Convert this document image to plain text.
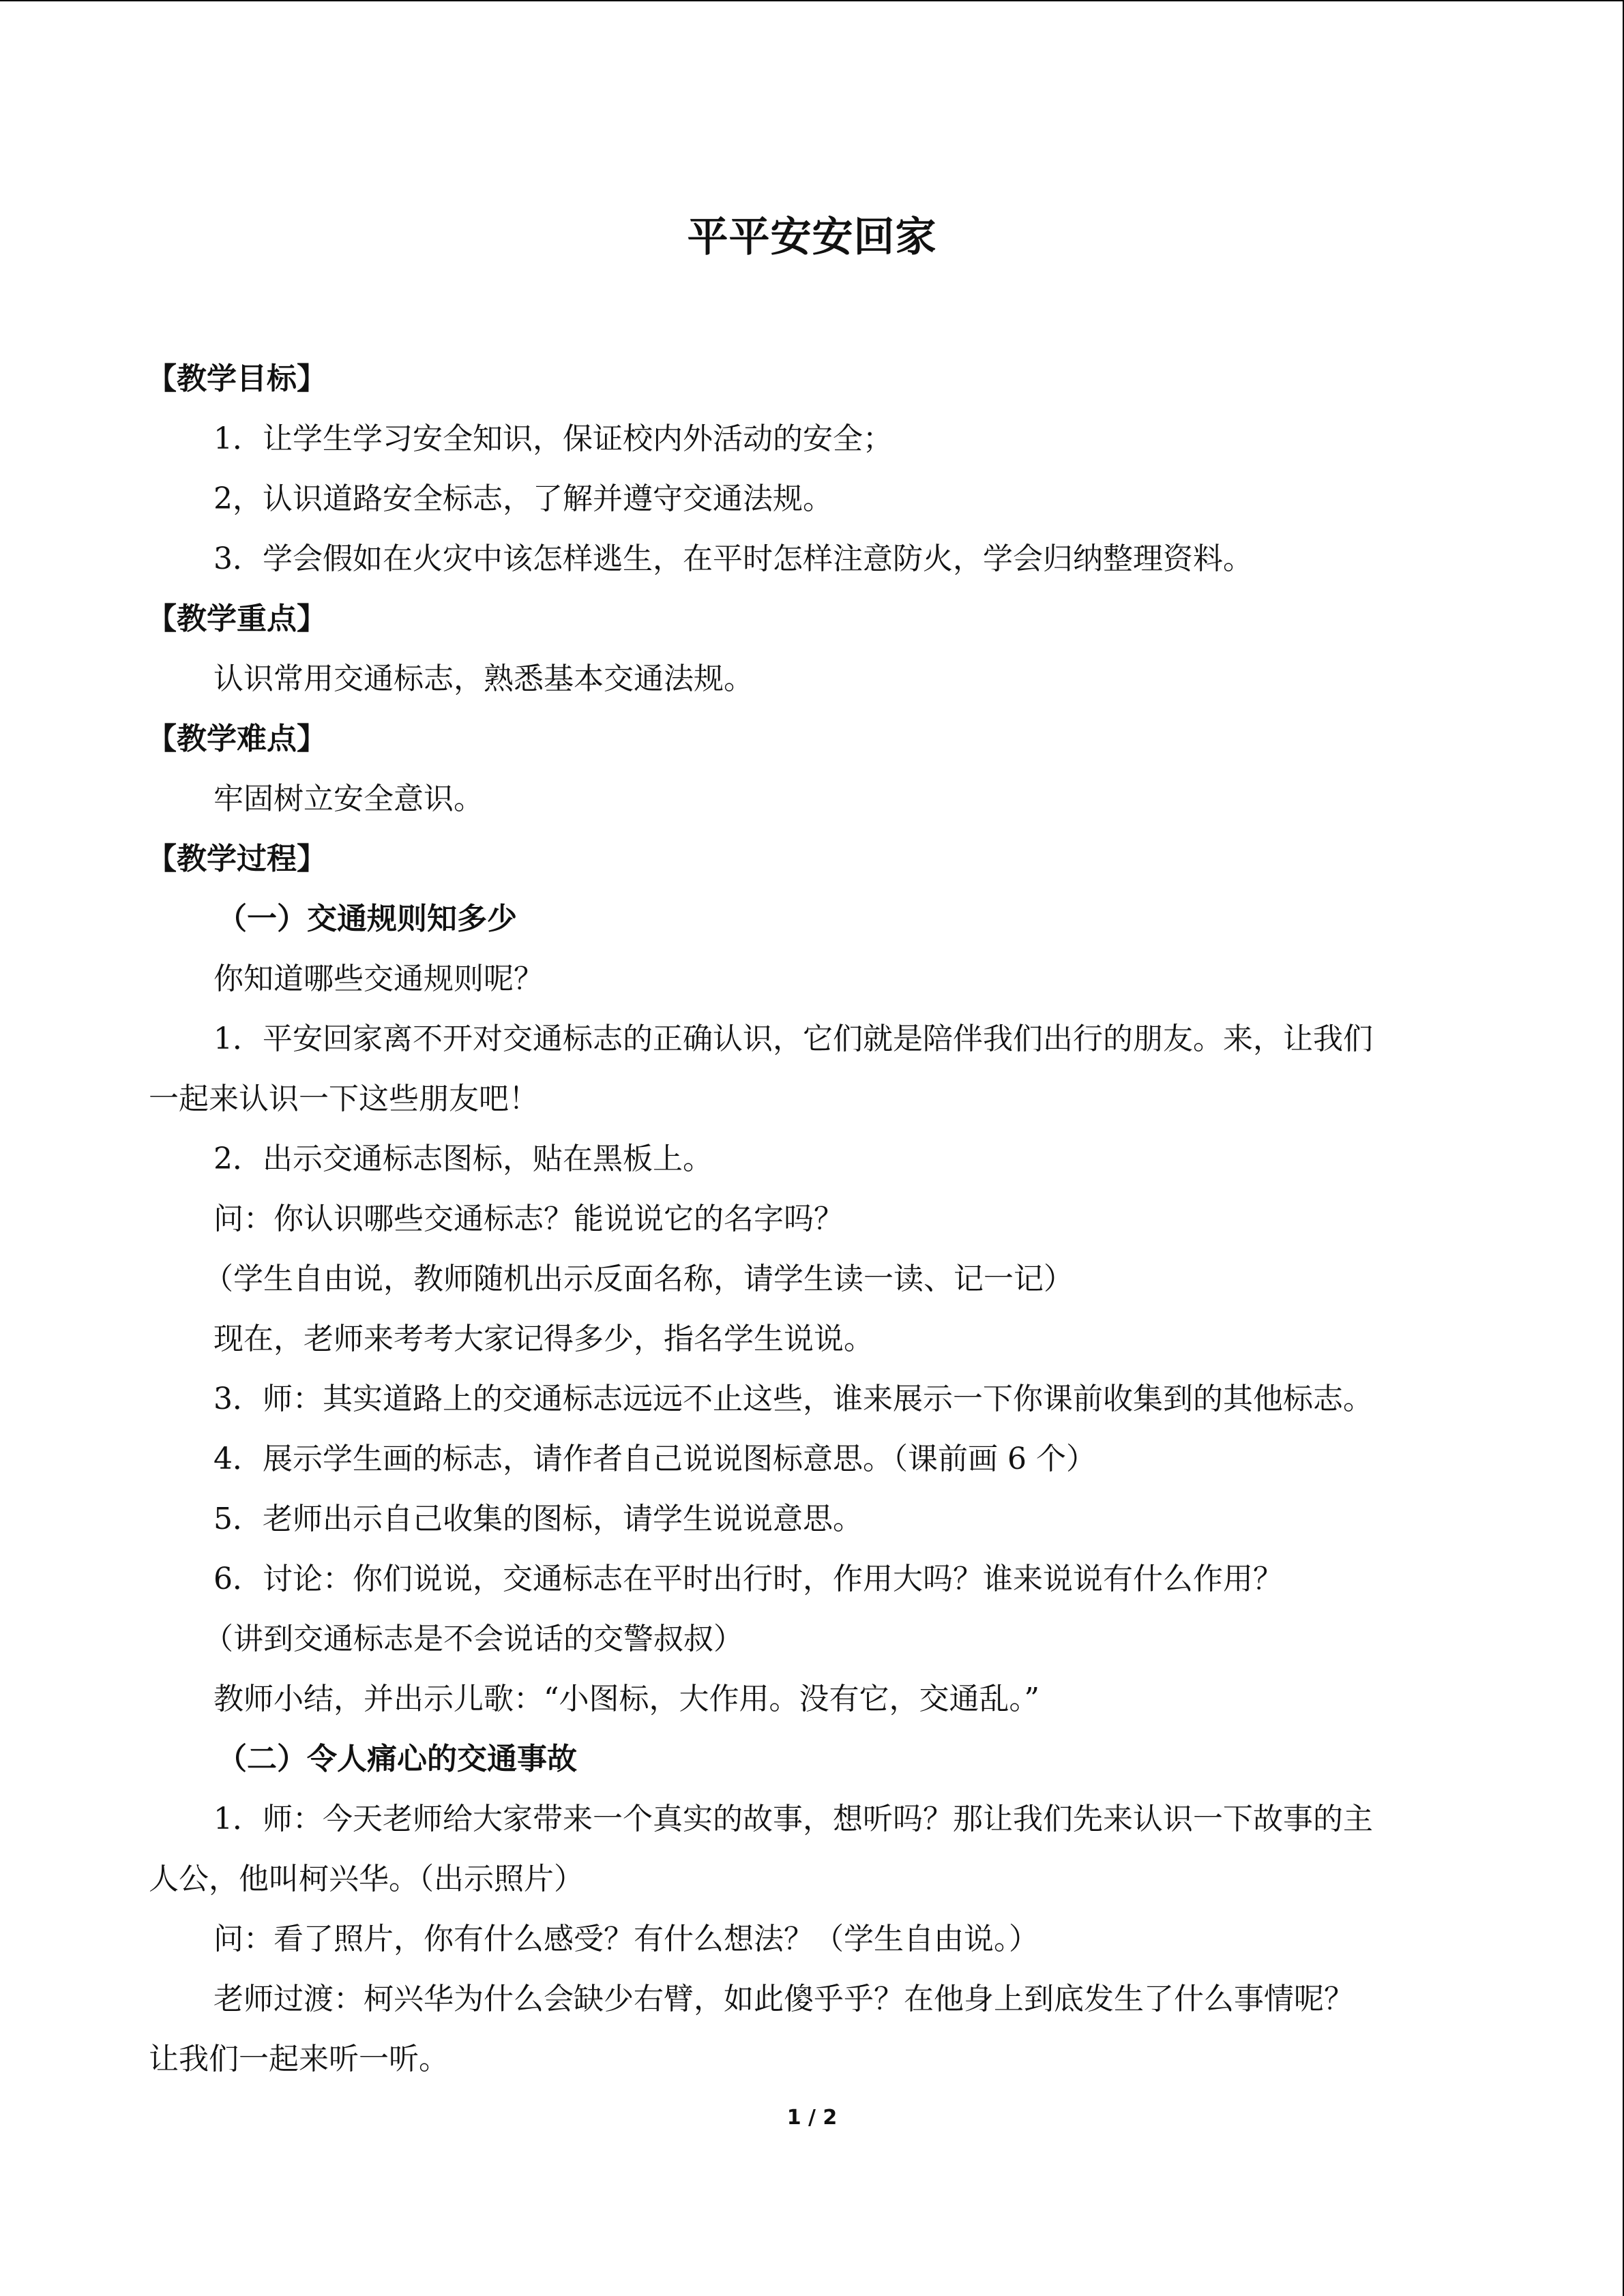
平平安安回家
【教学目标】
1．让学生学习安全知识，保证校内外活动的安全；
2，认识道路安全标志，了解并遵守交通法规。
3．学会假如在火灾中该怎样逃生，在平时怎样注意防火，学会归纳整理资料。
【教学重点】
认识常用交通标志，熟悉基本交通法规。
【教学难点】
牢固树立安全意识。
【教学过程】
（一）交通规则知多少
你知道哪些交通规则呢？
1．平安回家离不开对交通标志的正确认识，它们就是陪伴我们出行的朋友。来，让我们
一起来认识一下这些朋友吧！
2．出示交通标志图标，贴在黑板上。
问：你认识哪些交通标志？能说说它的名字吗？
（学生自由说，教师随机出示反面名称，请学生读一读、记一记）
现在，老师来考考大家记得多少，指名学生说说。
3．师：其实道路上的交通标志远远不止这些，谁来展示一下你课前收集到的其他标志。
4．展示学生画的标志，请作者自己说说图标意思。（课前画 6 个）
5．老师出示自己收集的图标，请学生说说意思。
6．讨论：你们说说，交通标志在平时出行时，作用大吗？谁来说说有什么作用？
（讲到交通标志是不会说话的交警叔叔）
教师小结，并出示儿歌：“小图标，大作用。没有它，交通乱。”
（二）令人痛心的交通事故
1．师：今天老师给大家带来一个真实的故事，想听吗？那让我们先来认识一下故事的主
人公，他叫柯兴华。（出示照片）
问：看了照片，你有什么感受？有什么想法？（学生自由说。）
老师过渡：柯兴华为什么会缺少右臂，如此傻乎乎？在他身上到底发生了什么事情呢？
让我们一起来听一听。
1 / 2
